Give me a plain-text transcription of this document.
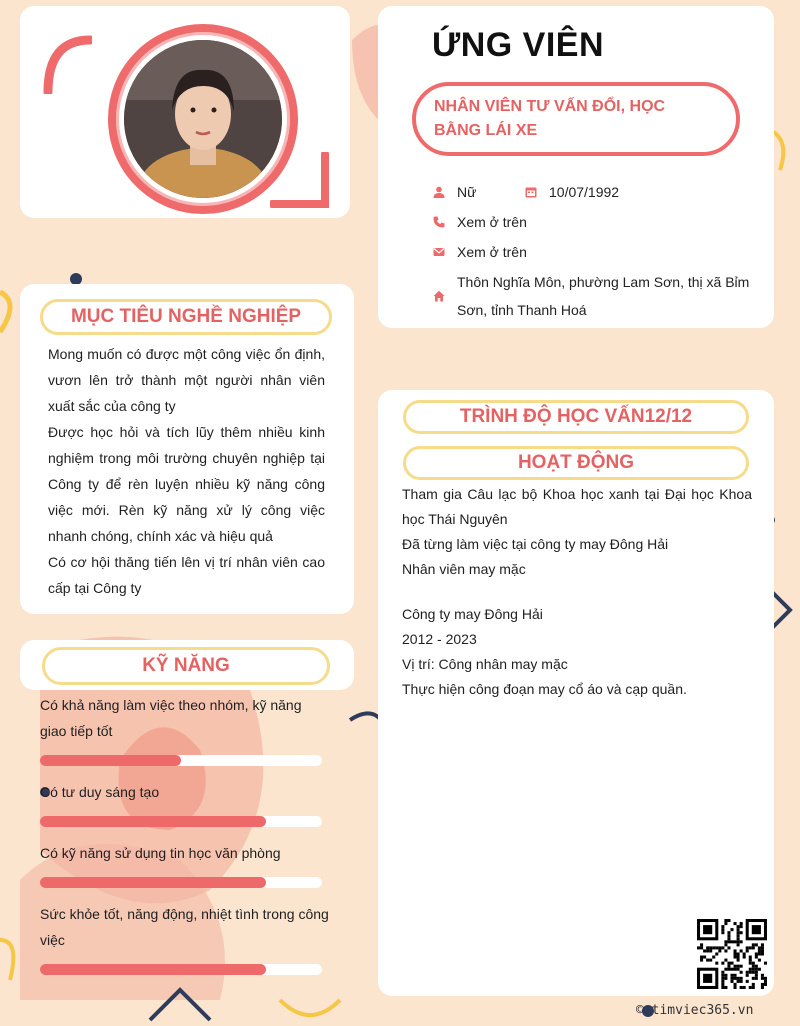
ỨNG VIÊN
NHÂN VIÊN TƯ VẤN ĐỔI, HỌC BẰNG LÁI XE
Nữ	10/07/1992
Xem ở trên
Xem ở trên
Thôn Nghĩa Môn, phường Lam Sơn, thị xã Bỉm Sơn, tỉnh Thanh Hoá
MỤC TIÊU NGHỀ NGHIỆP

Mong muốn có được một công việc ổn định, vươn lên trở thành một người nhân viên xuất sắc của công ty

Được học hỏi và tích lũy thêm nhiều kinh nghiệm trong môi trường chuyên nghiệp tại Công ty để rèn luyện nhiều kỹ năng công việc mới. Rèn kỹ năng xử lý công việc nhanh chóng, chính xác và hiệu quả

Có cơ hội thăng tiến lên vị trí nhân viên cao cấp tại Công ty

KỸ NĂNG
Có khả năng làm việc theo nhóm, kỹ năng giao tiếp tốt
Có tư duy sáng tạo
Có kỹ năng sử dụng tin học văn phòng
Sức khỏe tốt, năng động, nhiệt tình trong công việc
TRÌNH ĐỘ HỌC VẤN12/12
HOẠT ĐỘNG

Tham gia Câu lạc bộ Khoa học xanh tại Đại học Khoa học Thái Nguyên

Đã từng làm việc tại công ty may Đông Hải

Nhân viên may mặc

Công ty may Đông Hải

2012 - 2023

Vị trí: Công nhân may mặc

Thực hiện công đoạn may cổ áo và cạp quần.

© timviec365.vn
